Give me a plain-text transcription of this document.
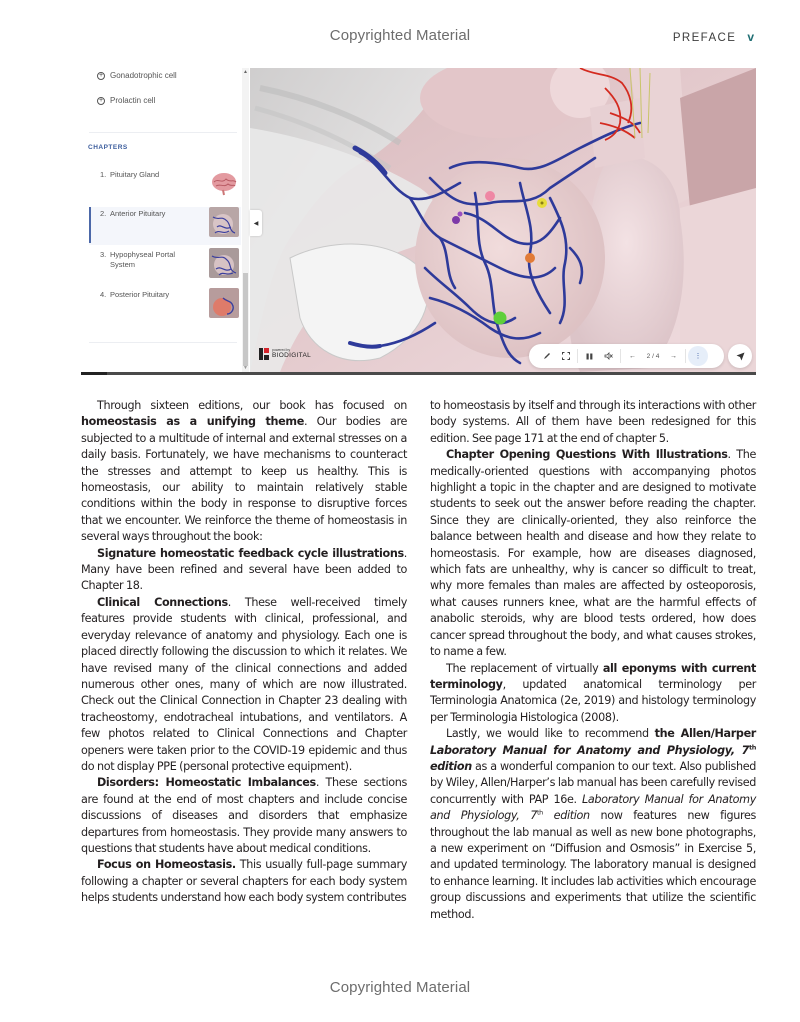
Copyrighted Material	PREFACE v
+ Gonadotrophic cell
+ Prolactin cell
CHAPTERS
1. Pituitary Gland
2. Anterior Pituitary
3. Hypophyseal Portal System
4. Posterior Pituitary
▲
▼
◀
powered by
BIODIGITAL	←	2 / 4	→	⋮

Through sixteen editions, our book has focused on homeostasis as a unifying theme. Our bodies are subjected to a multitude of internal and external stresses on a daily basis. Fortunately, we have mechanisms to counteract the stresses and attempt to keep us healthy. This is homeostasis, our ability to maintain relatively stable conditions within the body in response to disruptive forces that we encounter. We reinforce the theme of homeostasis in several ways throughout the book:

Signature homeostatic feedback cycle illustrations. Many have been refined and several have been added to Chapter 18.

Clinical Connections. These well-received timely features provide students with clinical, professional, and everyday relevance of anatomy and physiology. Each one is placed directly following the discussion to which it relates. We have revised many of the clinical connections and added numerous other ones, many of which are now illustrated. Check out the Clinical Connection in Chapter 23 dealing with tracheostomy, endotracheal intubations, and ventilators. A few photos related to Clinical Connections and Chapter openers were taken prior to the COVID-19 epidemic and thus do not display PPE (personal protective equipment).

Disorders: Homeostatic Imbalances. These sections are found at the end of most chapters and include concise discussions of diseases and disorders that emphasize departures from homeostasis. They provide many answers to questions that students have about medical conditions.

Focus on Homeostasis. This usually full-page summary following a chapter or several chapters for each body system helps students understand how each body system contributes

to homeostasis by itself and through its interactions with other body systems. All of them have been redesigned for this edition. See page 171 at the end of chapter 5.

Chapter Opening Questions With Illustrations. The medically-oriented questions with accompanying photos highlight a topic in the chapter and are designed to motivate students to seek out the answer before reading the chapter. Since they are clinically-oriented, they also reinforce the balance between health and disease and how they relate to homeostasis. For example, how are diseases diagnosed, which fats are unhealthy, why is cancer so difficult to treat, why more females than males are affected by osteoporosis, what causes runners knee, what are the harmful effects of anabolic steroids, why are blood tests ordered, how does cancer spread throughout the body, and what causes strokes, to name a few.

The replacement of virtually all eponyms with current terminology, updated anatomical terminology per Terminologia Anatomica (2e, 2019) and histology terminology per Terminologia Histologica (2008).

Lastly, we would like to recommend the Allen/Harper Laboratory Manual for Anatomy and Physiology, 7th edition as a wonderful companion to our text. Also published by Wiley, Allen/Harper’s lab manual has been carefully revised concurrently with PAP 16e. Laboratory Manual for Anatomy and Physiology, 7th edition now features new figures throughout the lab manual as well as new bone photographs, a new experiment on “Diffusion and Osmosis” in Exercise 5, and updated terminology. The laboratory manual is designed to enhance learning. It includes lab activities which encourage group discussions and experiments that utilize the scientific method.

Copyrighted Material
